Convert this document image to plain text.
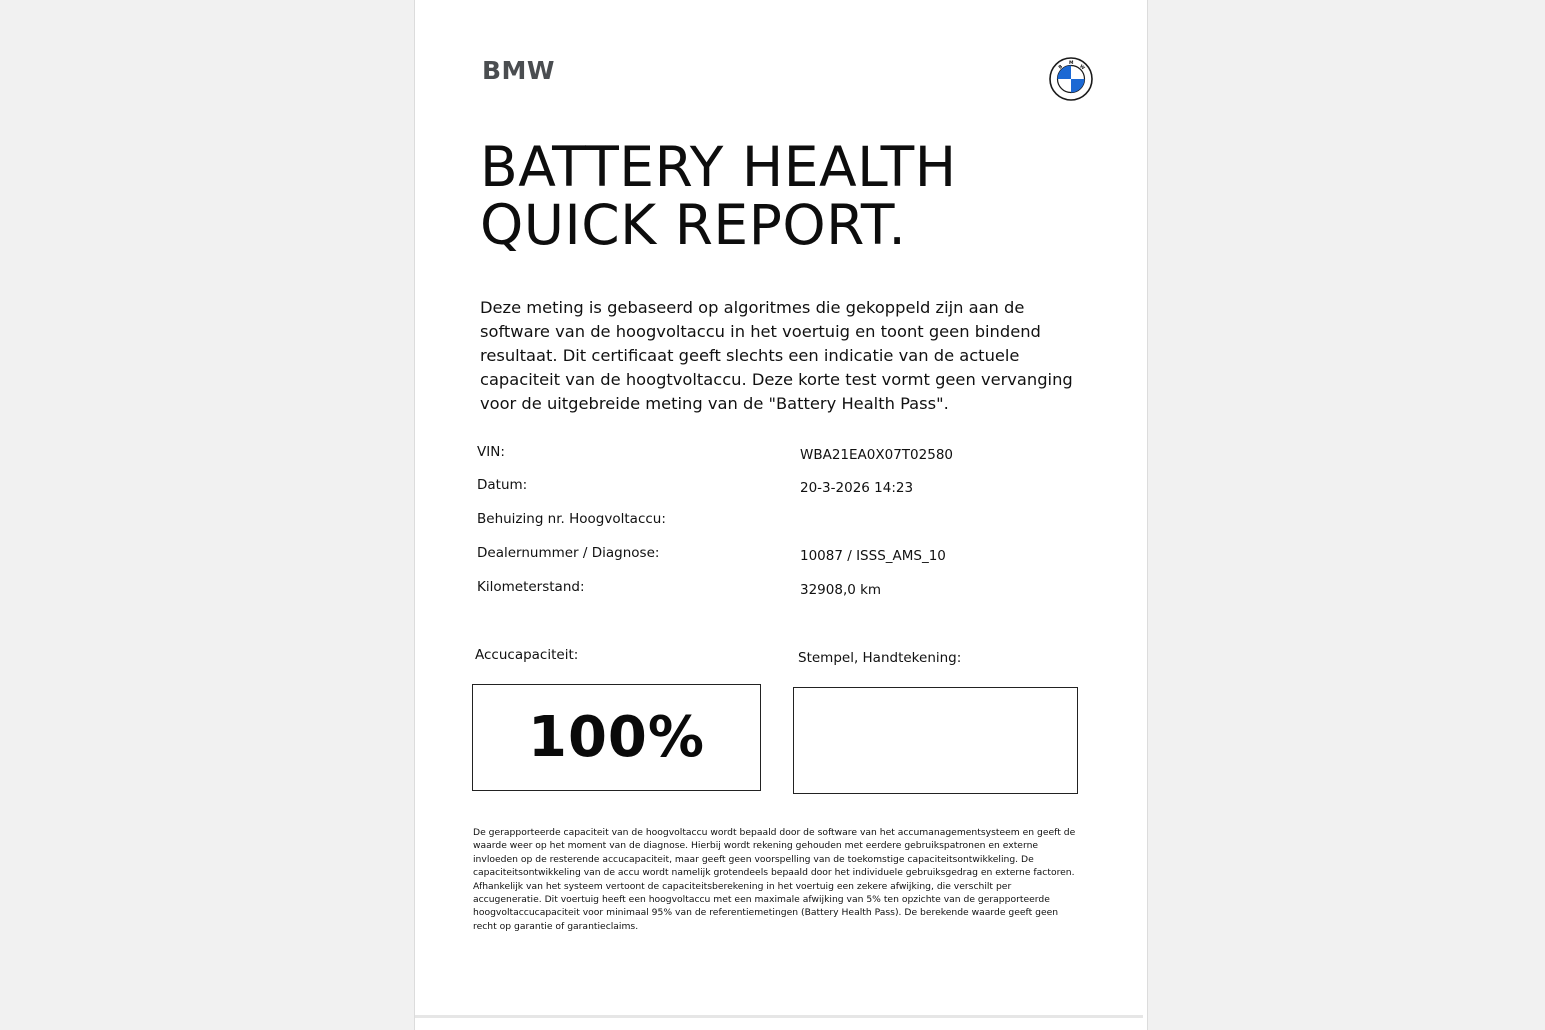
BMW	B
M
W
BATTERY HEALTH
QUICK REPORT.

Deze meting is gebaseerd op algoritmes die gekoppeld zijn aan de software van de hoogvoltaccu in het voertuig en toont geen bindend resultaat. Dit certificaat geeft slechts een indicatie van de actuele capaciteit van de hoogtvoltaccu. Deze korte test vormt geen vervanging voor de uitgebreide meting van de "Battery Health Pass".

VIN:	WBA21EA0X07T02580
Datum:	20-3-2026 14:23
Behuizing nr. Hoogvoltaccu:
Dealernummer / Diagnose:	10087 / ISSS_AMS_10
Kilometerstand:	32908,0 km
Accucapaciteit:	Stempel, Handtekening:
100%

De gerapporteerde capaciteit van de hoogvoltaccu wordt bepaald door de software van het accumanagementsysteem en geeft de waarde weer op het moment van de diagnose. Hierbij wordt rekening gehouden met eerdere gebruikspatronen en externe invloeden op de resterende accucapaciteit, maar geeft geen voorspelling van de toekomstige capaciteitsontwikkeling. De capaciteitsontwikkeling van de accu wordt namelijk grotendeels bepaald door het individuele gebruiksgedrag en externe factoren. Afhankelijk van het systeem vertoont de capaciteitsberekening in het voertuig een zekere afwijking, die verschilt per accugeneratie. Dit voertuig heeft een hoogvoltaccu met een maximale afwijking van 5% ten opzichte van de gerapporteerde hoogvoltaccucapaciteit voor minimaal 95% van de referentiemetingen (Battery Health Pass). De berekende waarde geeft geen recht op garantie of garantieclaims.
